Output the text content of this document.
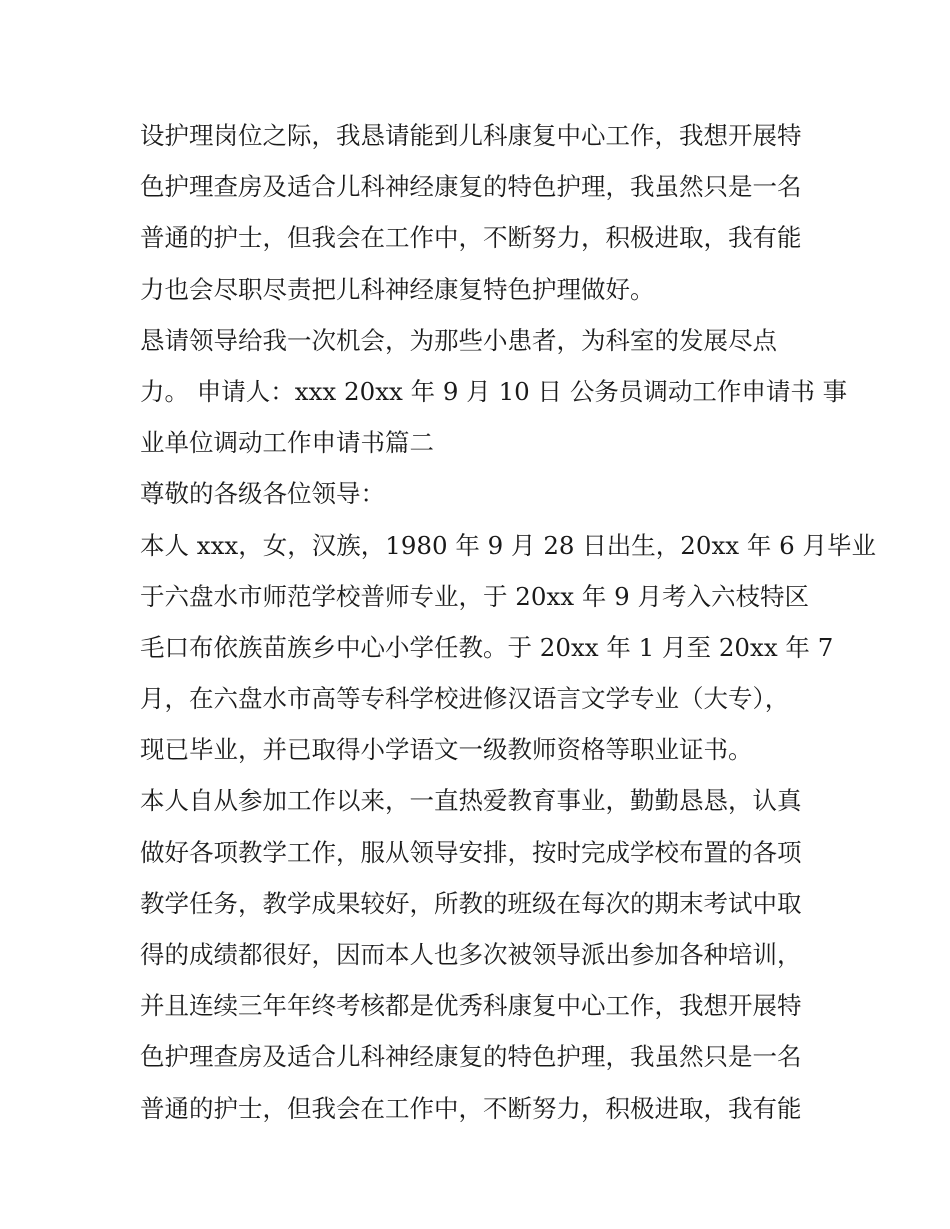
设护理岗位之际，我恳请能到儿科康复中心工作，我想开展特
色护理查房及适合儿科神经康复的特色护理，我虽然只是一名
普通的护士，但我会在工作中，不断努力，积极进取，我有能
力也会尽职尽责把儿科神经康复特色护理做好。
恳请领导给我一次机会，为那些小患者，为科室的发展尽点
力。 申请人：xxx 20xx 年 9 月 10 日 公务员调动工作申请书 事
业单位调动工作申请书篇二
尊敬的各级各位领导：
本人 xxx，女，汉族，1980 年 9 月 28 日出生，20xx 年 6 月毕业
于六盘水市师范学校普师专业，于 20xx 年 9 月考入六枝特区
毛口布依族苗族乡中心小学任教。于 20xx 年 1 月至 20xx 年 7
月，在六盘水市高等专科学校进修汉语言文学专业（大专），
现已毕业，并已取得小学语文一级教师资格等职业证书。
本人自从参加工作以来，一直热爱教育事业，勤勤恳恳，认真
做好各项教学工作，服从领导安排，按时完成学校布置的各项
教学任务，教学成果较好，所教的班级在每次的期末考试中取
得的成绩都很好，因而本人也多次被领导派出参加各种培训，
并且连续三年年终考核都是优秀科康复中心工作，我想开展特
色护理查房及适合儿科神经康复的特色护理，我虽然只是一名
普通的护士，但我会在工作中，不断努力，积极进取，我有能
